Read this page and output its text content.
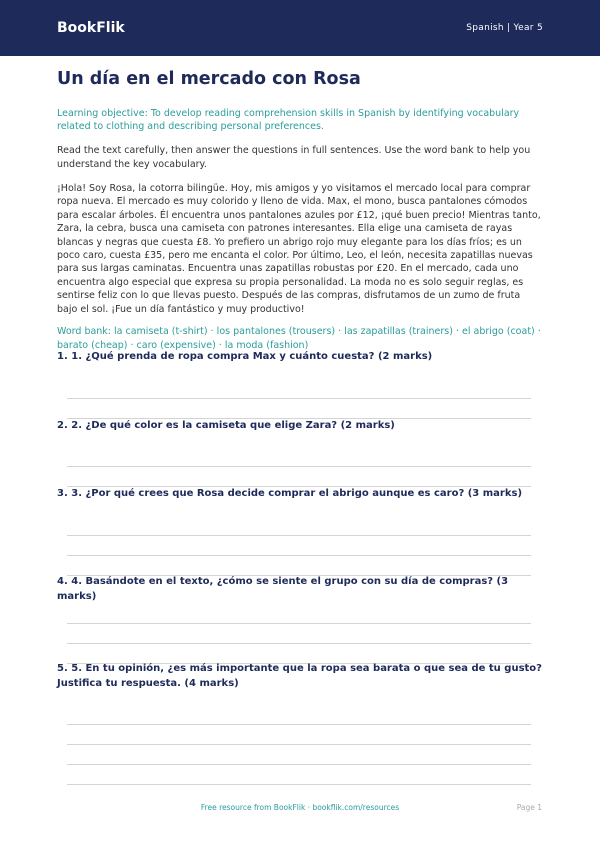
BookFlik	Spanish | Year 5
Un día en el mercado con Rosa
Learning objective: To develop reading comprehension skills in Spanish by identifying vocabulary related to clothing and describing personal preferences.
Read the text carefully, then answer the questions in full sentences. Use the word bank to help you understand the key vocabulary.
¡Hola! Soy Rosa, la cotorra bilingüe. Hoy, mis amigos y yo visitamos el mercado local para comprar ropa nueva. El mercado es muy colorido y lleno de vida. Max, el mono, busca pantalones cómodos para escalar árboles. Él encuentra unos pantalones azules por £12, ¡qué buen precio! Mientras tanto, Zara, la cebra, busca una camiseta con patrones interesantes. Ella elige una camiseta de rayas blancas y negras que cuesta £8. Yo prefiero un abrigo rojo muy elegante para los días fríos; es un poco caro, cuesta £35, pero me encanta el color. Por último, Leo, el león, necesita zapatillas nuevas para sus largas caminatas. Encuentra unas zapatillas robustas por £20. En el mercado, cada uno encuentra algo especial que expresa su propia personalidad. La moda no es solo seguir reglas, es sentirse feliz con lo que llevas puesto. Después de las compras, disfrutamos de un zumo de fruta bajo el sol. ¡Fue un día fantástico y muy productivo!
Word bank: la camiseta (t-shirt) · los pantalones (trousers) · las zapatillas (trainers) · el abrigo (coat) · barato (cheap) · caro (expensive) · la moda (fashion)
1. 1. ¿Qué prenda de ropa compra Max y cuánto cuesta? (2 marks)
2. 2. ¿De qué color es la camiseta que elige Zara? (2 marks)
3. 3. ¿Por qué crees que Rosa decide comprar el abrigo aunque es caro? (3 marks)
4. 4. Basándote en el texto, ¿cómo se siente el grupo con su día de compras? (3 marks)
5. 5. En tu opinión, ¿es más importante que la ropa sea barata o que sea de tu gusto? Justifica tu respuesta. (4 marks)
Free resource from BookFlik · bookflik.com/resources	Page 1
